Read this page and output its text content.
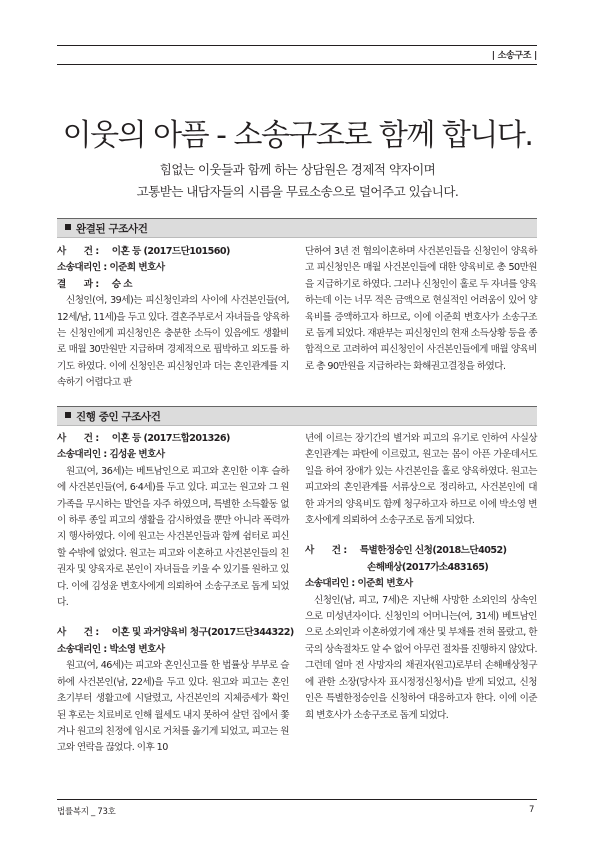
| 소송구조 |
이웃의 아픔 - 소송구조로 함께 합니다.
힘없는 이웃들과 함께 하는 상담원은 경제적 약자이며
고통받는 내담자들의 시름을 무료소송으로 덜어주고 있습니다.
완결된 구조사건
사　　건 : 이혼 등 (2017드단101560)
소송대리인 : 이준희 변호사
결　　과 : 승 소

신청인(여, 39세)는 피신청인과의 사이에 사건본인들(여, 12세/남, 11세)을 두고 있다. 결혼주부로서 자녀들을 양육하는 신청인에게 피신청인은 충분한 소득이 있음에도 생활비로 매월 30만원만 지급하며 경제적으로 핍박하고 외도를 하기도 하였다. 이에 신청인은 피신청인과 더는 혼인관계를 지속하기 어렵다고 판

단하여 3년 전 협의이혼하며 사건본인들을 신청인이 양육하고 피신청인은 매월 사건본인들에 대한 양육비로 총 50만원을 지급하기로 하였다. 그러나 신청인이 홀로 두 자녀를 양육하는데 이는 너무 적은 금액으로 현실적인 어려움이 있어 양육비를 증액하고자 하므로, 이에 이준희 변호사가 소송구조로 돕게 되었다. 재판부는 피신청인의 현재 소득상황 등을 종합적으로 고려하여 피신청인이 사건본인들에게 매월 양육비로 총 90만원을 지급하라는 화해권고결정을 하였다.

진행 중인 구조사건
사　　건 : 이혼 등 (2017드합201326)
소송대리인 : 김성윤 변호사

원고(여, 36세)는 베트남인으로 피고와 혼인한 이후 슬하에 사건본인들(여, 6·4세)를 두고 있다. 피고는 원고와 그 원가족을 무시하는 발언을 자주 하였으며, 특별한 소득활동 없이 하루 종일 피고의 생활을 감시하였을 뿐만 아니라 폭력까지 행사하였다. 이에 원고는 사건본인들과 함께 쉼터로 피신할 수밖에 없었다. 원고는 피고와 이혼하고 사건본인들의 친권자 및 양육자로 본인이 자녀들을 키울 수 있기를 원하고 있다. 이에 김성윤 변호사에게 의뢰하여 소송구조로 돕게 되었다.

사　　건 : 이혼 및 과거양육비 청구(2017드단344322)
소송대리인 : 박소영 변호사

원고(여, 46세)는 피고와 혼인신고를 한 법률상 부부로 슬하에 사건본인(남, 22세)을 두고 있다. 원고와 피고는 혼인 초기부터 생활고에 시달렸고, 사건본인의 지체증세가 확인된 후로는 치료비로 인해 월세도 내지 못하여 살던 집에서 쫓겨나 원고의 친정에 임시로 거처를 옮기게 되었고, 피고는 원고와 연락을 끊었다. 이후 10

년에 이르는 장기간의 별거와 피고의 유기로 인하여 사실상 혼인관계는 파탄에 이르렀고, 원고는 몸이 아픈 가운데서도 일을 하여 장애가 있는 사건본인을 홀로 양육하였다. 원고는 피고와의 혼인관계를 서류상으로 정리하고, 사건본인에 대한 과거의 양육비도 함께 청구하고자 하므로 이에 박소영 변호사에게 의뢰하여 소송구조로 돕게 되었다.

사　　건 : 특별한정승인 신청(2018느단4052)
손해배상(2017가소483165)
소송대리인 : 이준희 변호사

신청인(남, 피고, 7세)은 지난해 사망한 소외인의 상속인으로 미성년자이다. 신청인의 어머니는(여, 31세) 베트남인으로 소외인과 이혼하였기에 재산 및 부채를 전혀 몰랐고, 한국의 상속절차도 알 수 없어 아무런 절차를 진행하지 않았다. 그런데 얼마 전 사망자의 채권자(원고)로부터 손해배상청구에 관한 소장(당사자 표시정정신청서)을 받게 되었고, 신청인은 특별한정승인을 신청하여 대응하고자 한다. 이에 이준희 변호사가 소송구조로 돕게 되었다.

법률복지 _ 73호	7
